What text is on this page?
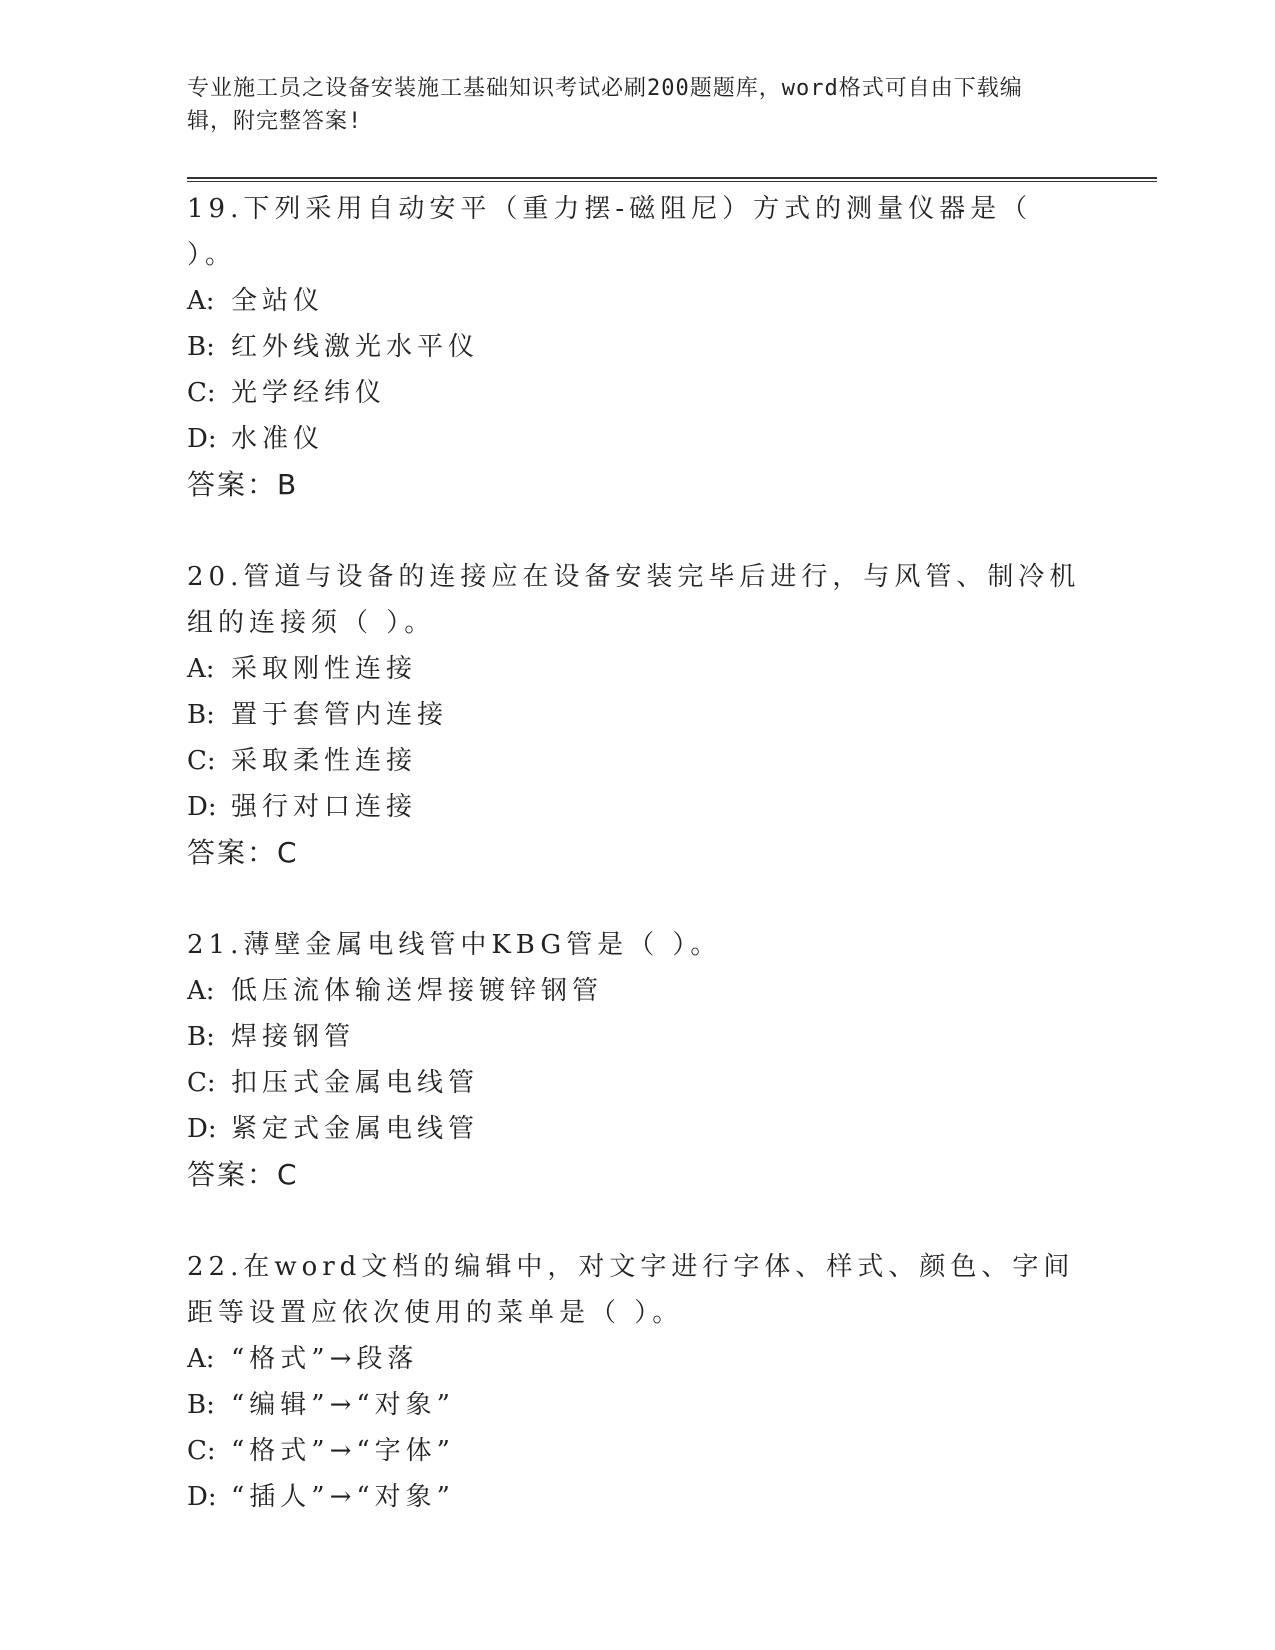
专业施工员之设备安装施工基础知识考试必刷200题题库，word格式可自由下载编辑，附完整答案!
19.下列采用自动安平（重力摆-磁阻尼）方式的测量仪器是（ ）。
A: 全站仪
B: 红外线激光水平仪
C: 光学经纬仪
D: 水准仪
答案：B
20.管道与设备的连接应在设备安装完毕后进行，与风管、制冷机组的连接须（ ）。
A: 采取刚性连接
B: 置于套管内连接
C: 采取柔性连接
D: 强行对口连接
答案：C
21.薄壁金属电线管中KBG管是（ ）。
A: 低压流体输送焊接镀锌钢管
B: 焊接钢管
C: 扣压式金属电线管
D: 紧定式金属电线管
答案：C
22.在word文档的编辑中，对文字进行字体、样式、颜色、字间距等设置应依次使用的菜单是（ ）。
A: “格式”→段落
B: “编辑”→“对象”
C: “格式”→“字体”
D: “插人”→“对象”
